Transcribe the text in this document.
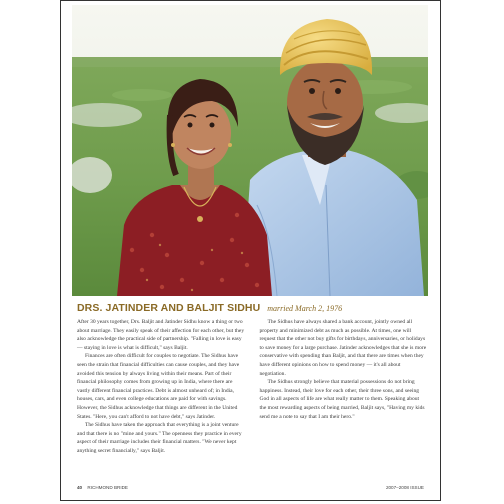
DRS. JATINDER AND BALJIT SIDHU married March 2, 1976

After 30 years together, Drs. Baljit and Jatinder Sidhu know a thing or two about marriage. They easily speak of their affection for each other, but they also acknowledge the practical side of partnership. "Falling in love is easy — staying in love is what is difficult," says Baljit.

Finances are often difficult for couples to negotiate. The Sidhus have seen the strain that financial difficulties can cause couples, and they have avoided this tension by always living within their means. Part of their financial philosophy comes from growing up in India, where there are vastly different financial practices. Debt is almost unheard of; in India, houses, cars, and even college educations are paid for with savings. However, the Sidhus acknowledge that things are different in the United States. "Here, you can't afford to not have debt," says Jatinder.

The Sidhus have taken the approach that everything is a joint venture and that there is no "mine and yours." The openness they practice in every aspect of their marriage includes their financial matters. "We never kept anything secret financially," says Baljit.

The Sidhus have always shared a bank account, jointly owned all property and minimized debt as much as possible. At times, one will request that the other not buy gifts for birthdays, anniversaries, or holidays to save money for a large purchase. Jatinder acknowledges that she is more conservative with spending than Baljit, and that there are times when they have different opinions on how to spend money — it's all about negotiation.

The Sidhus strongly believe that material possessions do not bring happiness. Instead, their love for each other, their three sons, and seeing God in all aspects of life are what really matter to them. Speaking about the most rewarding aspects of being married, Baljit says, "Having my kids send me a note to say that I am their hero."

40 RICHMOND BRIDE	2007–2008 ISSUE
